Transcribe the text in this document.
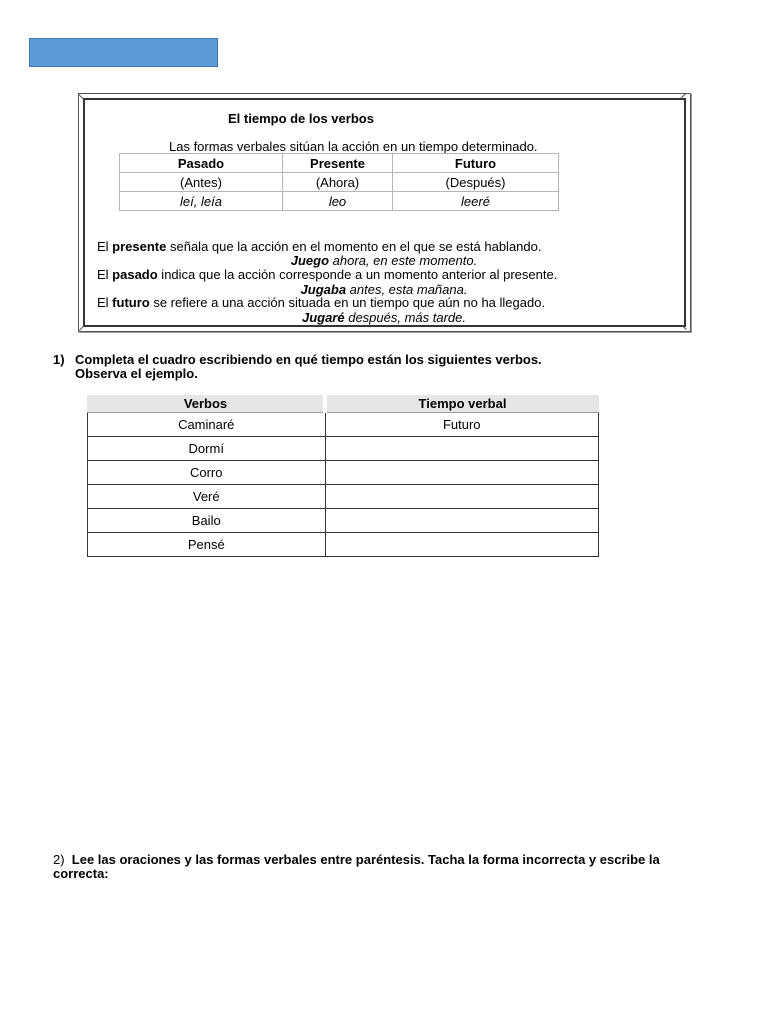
El tiempo de los verbos
Las formas verbales sitúan la acción en un tiempo determinado.
Pasado	Presente	Futuro
(Antes)	(Ahora)	(Después)
leí, leía	leo	leeré
El presente señala que la acción en el momento en el que se está hablando.
Juego ahora, en este momento.
El pasado indica que la acción corresponde a un momento anterior al presente.
Jugaba antes, esta mañana.
El futuro se refiere a una acción situada en un tiempo que aún no ha llegado.
Jugaré después, más tarde.
1) Completa el cuadro escribiendo en qué tiempo están los siguientes verbos.
Observa el ejemplo.
Verbos	Tiempo verbal
Caminaré	Futuro
Dormí	
Corro	
Veré	
Bailo	
Pensé	
2) Lee las oraciones y las formas verbales entre paréntesis. Tacha la forma incorrecta y escribe la correcta:
